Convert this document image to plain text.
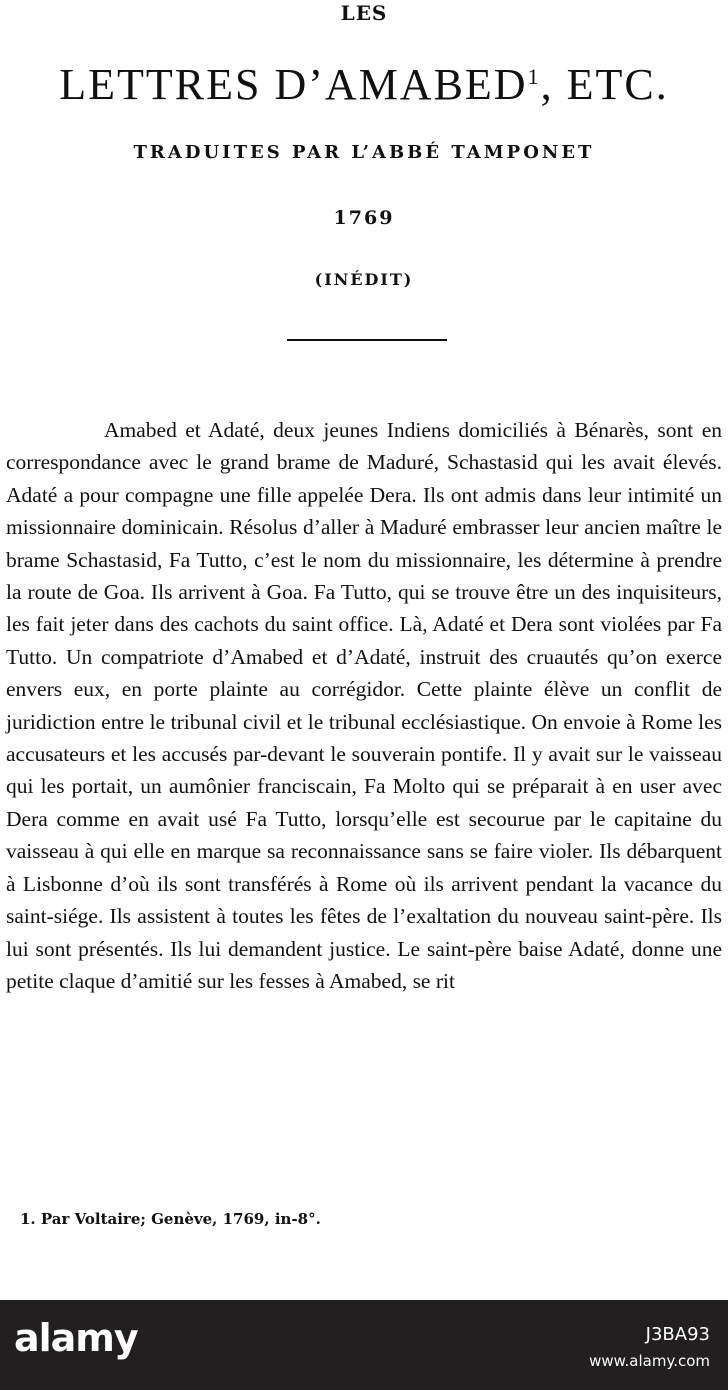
LES
LETTRES D’AMABED$^1$, ETC.
TRADUITES PAR L’ABBÉ TAMPONET
1769
(INÉDIT)

Amabed et Adaté, deux jeunes Indiens domiciliés à Bénarès, sont en correspondance avec le grand brame de Maduré, Schastasid qui les avait élevés. Adaté a pour compagne une fille appelée Dera. Ils ont admis dans leur intimité un missionnaire dominicain. Résolus d’aller à Maduré embrasser leur ancien maître le brame Schastasid, Fa Tutto, c’est le nom du missionnaire, les détermine à prendre la route de Goa. Ils arrivent à Goa. Fa Tutto, qui se trouve être un des inquisiteurs, les fait jeter dans des cachots du saint office. Là, Adaté et Dera sont violées par Fa Tutto. Un compatriote d’Amabed et d’Adaté, instruit des cruautés qu’on exerce envers eux, en porte plainte au corrégidor. Cette plainte élève un conflit de juridiction entre le tribunal civil et le tribunal ecclésiastique. On envoie à Rome les accusateurs et les accusés par-devant le souverain pontife. Il y avait sur le vaisseau qui les portait, un aumônier franciscain, Fa Molto qui se préparait à en user avec Dera comme en avait usé Fa Tutto, lorsqu’elle est secourue par le capitaine du vaisseau à qui elle en marque sa reconnaissance sans se faire violer. Ils débarquent à Lisbonne d’où ils sont transférés à Rome où ils arrivent pendant la vacance du saint-siége. Ils assistent à toutes les fêtes de l’exaltation du nouveau saint-père. Ils lui sont présentés. Ils lui demandent justice. Le saint-père baise Adaté, donne une petite claque d’amitié sur les fesses à Amabed, se rit

1. Par Voltaire; Genève, 1769, in-8°.
alamy	J3BA93
www.alamy.com
